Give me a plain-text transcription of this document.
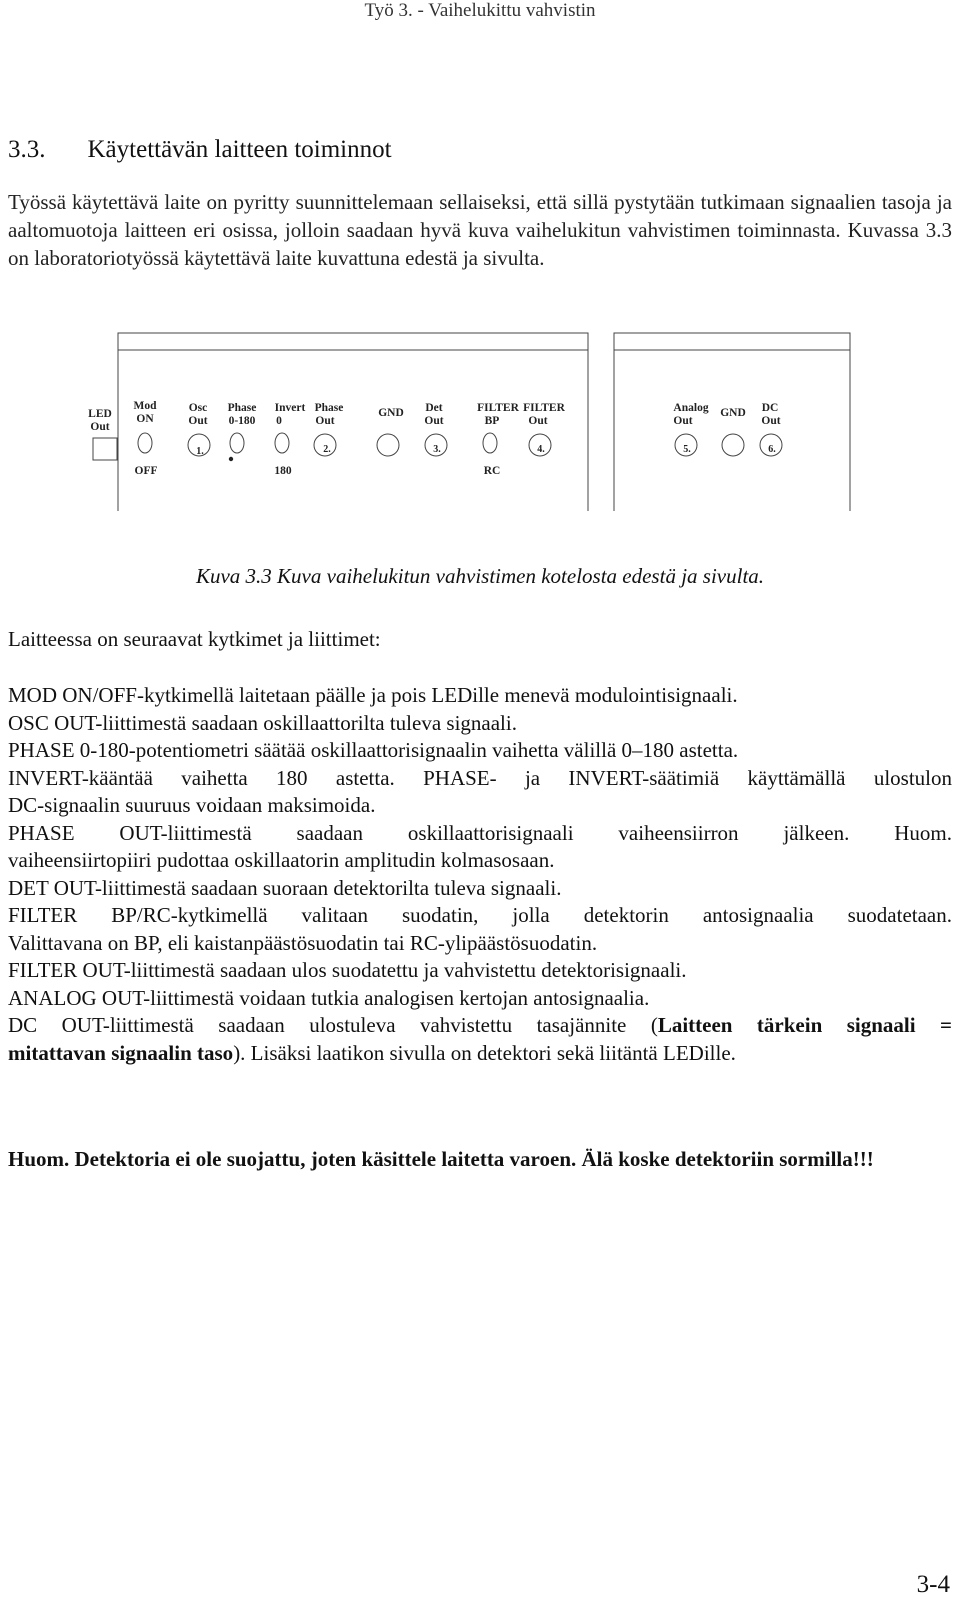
Työ 3. - Vaihelukittu vahvistin
3.3. Käytettävän laitteen toiminnot
Työssä käytettävä laite on pyritty suunnittelemaan sellaiseksi, että sillä pystytään tutkimaan signaalien tasoja ja aaltomuotoja laitteen eri osissa, jolloin saadaan hyvä kuva vaihelukitun vahvistimen toiminnasta. Kuvassa 3.3 on laboratoriotyössä käytettävä laite kuvattuna edestä ja sivulta.
LED
Out
Mod
ON
Osc
Out
Phase
0-180
Invert
0
Phase
Out
GND Det
Out
FILTER
BP
FILTER
Out
Analog
Out
GND DC
Out
1.	2.	3.	4.	5.	6.
OFF	180	RC
Kuva 3.3 Kuva vaihelukitun vahvistimen kotelosta edestä ja sivulta.
Laitteessa on seuraavat kytkimet ja liittimet:
MOD ON/OFF-kytkimellä laitetaan päälle ja pois LEDille menevä modulointisignaali.
OSC OUT-liittimestä saadaan oskillaattorilta tuleva signaali.
PHASE 0-180-potentiometri säätää oskillaattorisignaalin vaihetta välillä 0–180 astetta.
INVERT-kääntää vaihetta 180 astetta. PHASE- ja INVERT-säätimiä käyttämällä ulostulon
DC-signaalin suuruus voidaan maksimoida.
PHASE OUT-liittimestä saadaan oskillaattorisignaali vaiheensiirron jälkeen. Huom.
vaiheensiirtopiiri pudottaa oskillaatorin amplitudin kolmasosaan.
DET OUT-liittimestä saadaan suoraan detektorilta tuleva signaali.
FILTER BP/RC-kytkimellä valitaan suodatin, jolla detektorin antosignaalia suodatetaan.
Valittavana on BP, eli kaistanpäästösuodatin tai RC-ylipäästösuodatin.
FILTER OUT-liittimestä saadaan ulos suodatettu ja vahvistettu detektorisignaali.
ANALOG OUT-liittimestä voidaan tutkia analogisen kertojan antosignaalia.
DC OUT-liittimestä saadaan ulostuleva vahvistettu tasajännite (Laitteen tärkein signaali =
mitattavan signaalin taso). Lisäksi laatikon sivulla on detektori sekä liitäntä LEDille.
Huom. Detektoria ei ole suojattu, joten käsittele laitetta varoen. Älä koske detektoriin sormilla!!!
3-4
